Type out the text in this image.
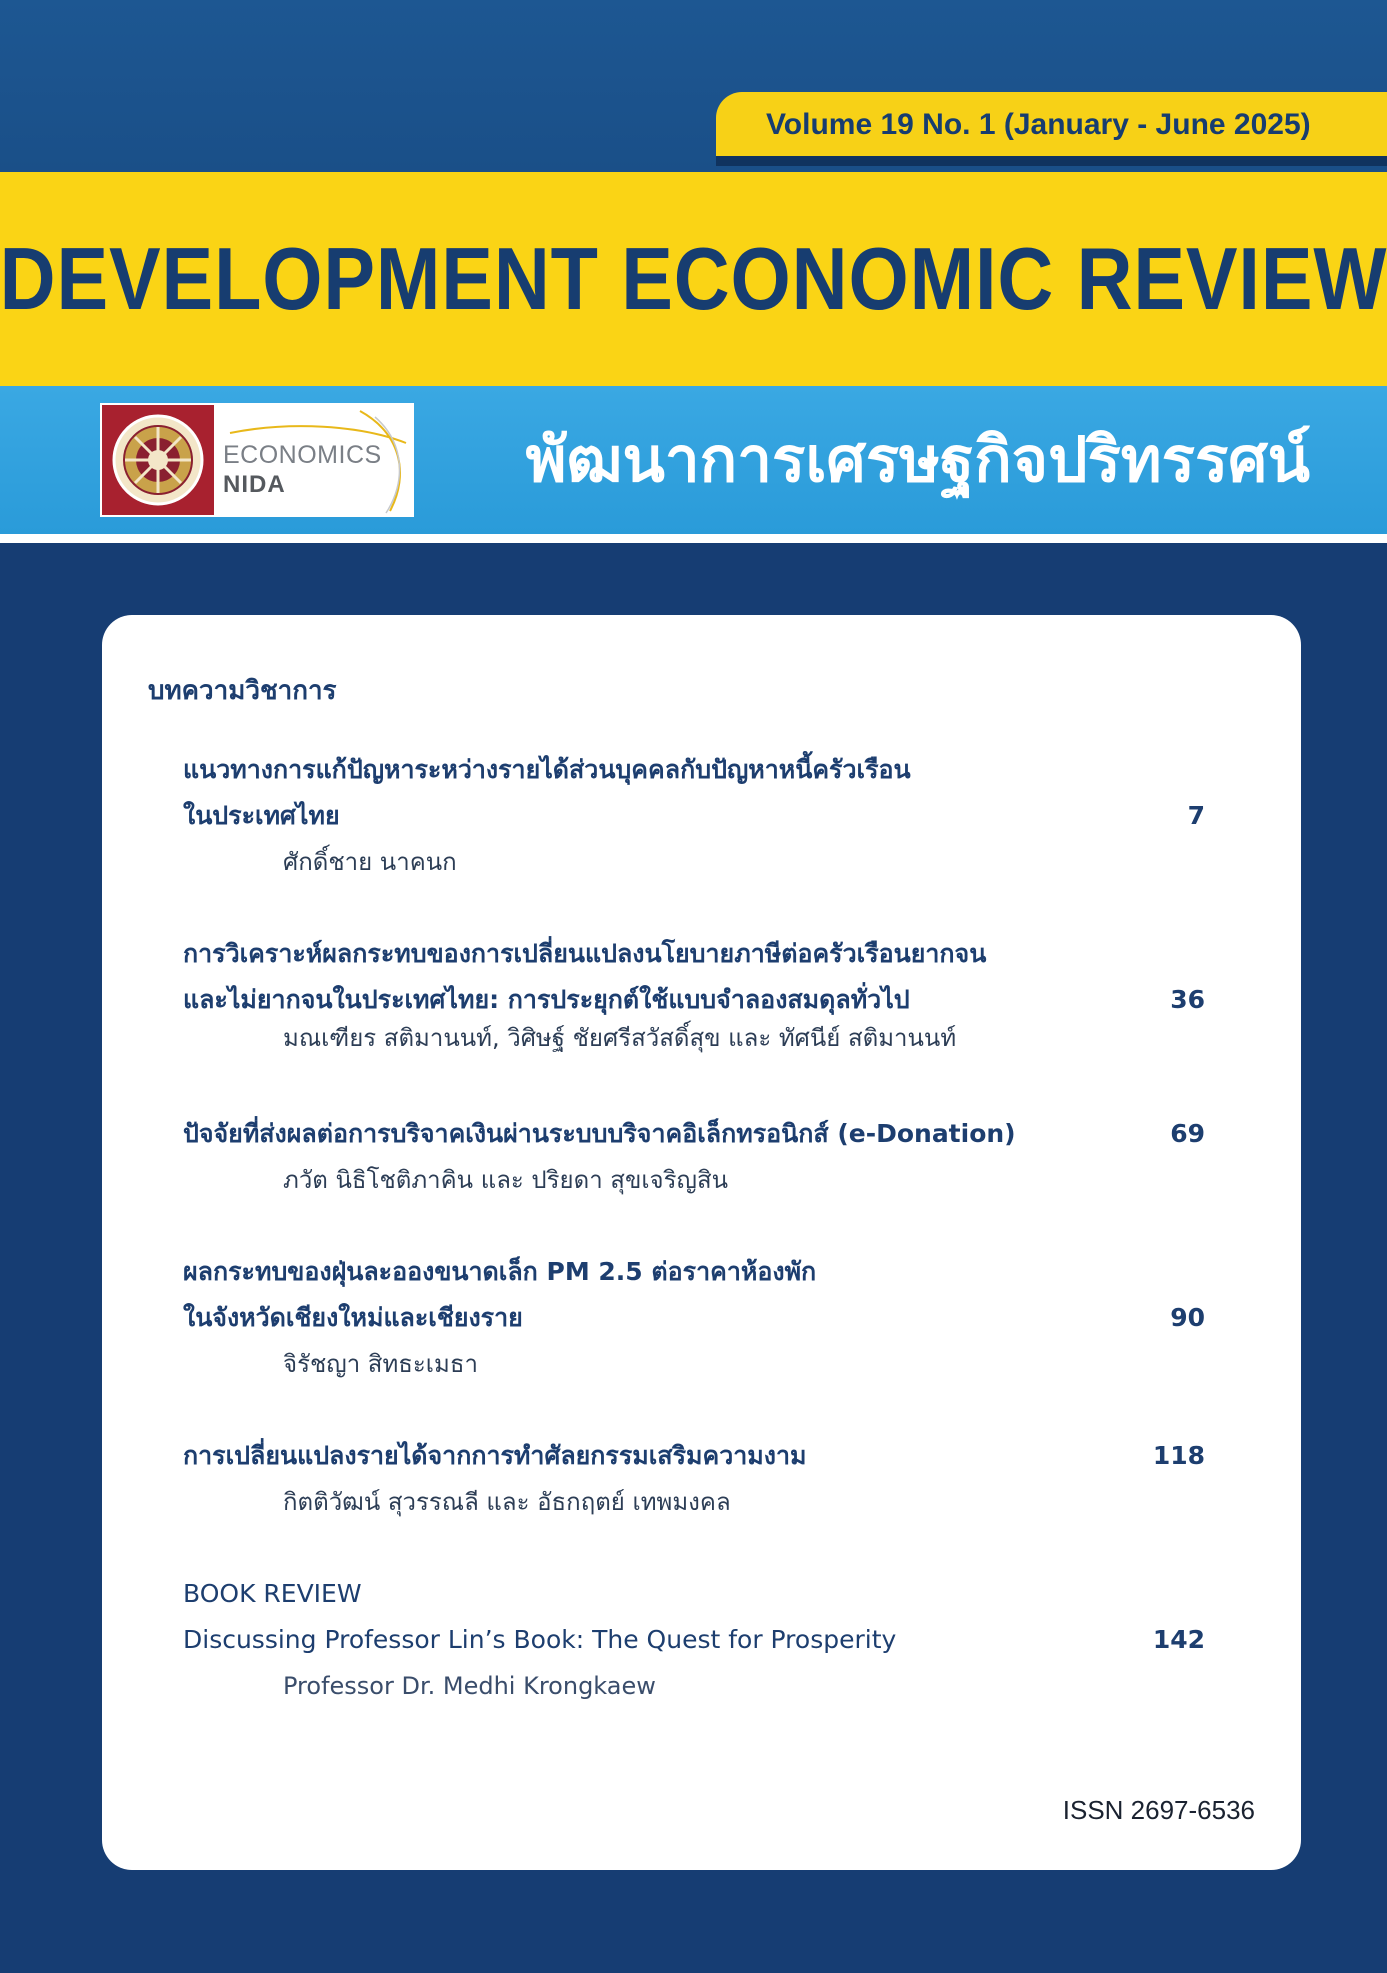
Volume 19 No. 1 (January - June 2025)
DEVELOPMENT ECONOMIC REVIEW
ECONOMICS
NIDA	พัฒนาการเศรษฐกิจปริทรรศน์
บทความวิชาการ
แนวทางการแก้ปัญหาระหว่างรายได้ส่วนบุคคลกับปัญหาหนี้ครัวเรือน
ในประเทศไทย
ศักดิ์ชาย นาคนก
7
การวิเคราะห์ผลกระทบของการเปลี่ยนแปลงนโยบายภาษีต่อครัวเรือนยากจน
และไม่ยากจนในประเทศไทย: การประยุกต์ใช้แบบจำลองสมดุลทั่วไป
มณเฑียร สติมานนท์, วิศิษฐ์ ชัยศรีสวัสดิ์สุข และ ทัศนีย์ สติมานนท์
36
ปัจจัยที่ส่งผลต่อการบริจาคเงินผ่านระบบบริจาคอิเล็กทรอนิกส์ (e-Donation)
ภวัต นิธิโชติภาคิน และ ปริยดา สุขเจริญสิน
69
ผลกระทบของฝุ่นละอองขนาดเล็ก PM 2.5 ต่อราคาห้องพัก
ในจังหวัดเชียงใหม่และเชียงราย
จิรัชญา สิทธะเมธา
90
การเปลี่ยนแปลงรายได้จากการทำศัลยกรรมเสริมความงาม
กิตติวัฒน์ สุวรรณลี และ อัธกฤตย์ เทพมงคล
118
BOOK REVIEW
Discussing Professor Lin’s Book: The Quest for Prosperity
Professor Dr. Medhi Krongkaew
142
ISSN 2697-6536
